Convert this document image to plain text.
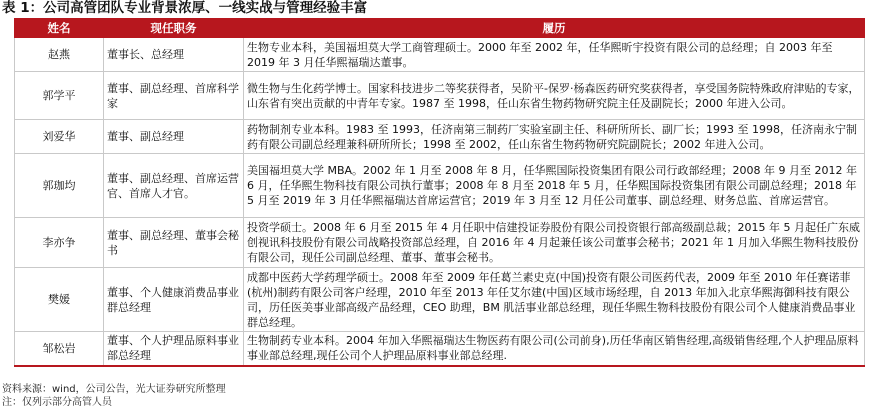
表 1：公司高管团队专业背景浓厚、一线实战与管理经验丰富
姓名	现任职务	履历
赵燕	董事长、总经理	生物专业本科，美国福坦莫大学工商管理硕士。2000 年至 2002 年，任华熙昕宇投资有限公司的总经理；自 2003 年至 2019 年 3 月任华熙福瑞达董事。
郭学平	董事、副总经理、首席科学家	微生物与生化药学博士。国家科技进步二等奖获得者，吴阶平-保罗·杨森医药研究奖获得者，享受国务院特殊政府津贴的专家，山东省有突出贡献的中青年专家。1987 至 1998，任山东省生物药物研究院主任及副院长；2000 年进入公司。
刘爱华	董事、副总经理	药物制剂专业本科。1983 至 1993，任济南第三制药厂实验室副主任、科研所所长、副厂长；1993 至 1998，任济南永宁制药有限公司副总经理兼科研所所长；1998 至 2002，任山东省生物药物研究院副院长；2002 年进入公司。
郭珈均	董事、副总经理、首席运营官、首席人才官。	美国福坦莫大学 MBA。2002 年 1 月至 2008 年 8 月，任华熙国际投资集团有限公司行政部经理；2008 年 9 月至 2012 年 6 月，任华熙生物科技有限公司执行董事；2008 年 8 月至 2018 年 5 月，任华熙国际投资集团有限公司副总经理；2018 年 5 月至 2019 年 3 月任华熙福瑞达首席运营官；2019 年 3 月至 12 月任公司董事、副总经理、财务总监、首席运营官。
李亦争	董事、副总经理、董事会秘书	投资学硕士。2008 年 6 月至 2015 年 4 月任职中信建投证券股份有限公司投资银行部高级副总裁；2015 年 5 月起任广东威创视讯科技股份有限公司战略投资部总经理，自 2016 年 4 月起兼任该公司董事会秘书；2021 年 1 月加入华熙生物科技股份有限公司，现任公司副总经理、董事、董事会秘书。
樊媛	董事、个人健康消费品事业群总经理	成都中医药大学药理学硕士。2008 年至 2009 年任葛兰素史克(中国)投资有限公司医药代表，2009 年至 2010 年任赛诺菲(杭州)制药有限公司客户经理，2010 年至 2013 年任艾尔建(中国)区域市场经理，自 2013 年加入北京华熙海御科技有限公司，历任医美事业部高级产品经理，CEO 助理，BM 肌活事业部总经理，现任华熙生物科技股份有限公司个人健康消费品事业群总经理。
邹松岩	董事、个人护理品原料事业部总经理	生物制药专业本科。2004 年加入华熙福瑞达生物医药有限公司(公司前身),历任华南区销售经理,高级销售经理,个人护理品原料事业部总经理,现任公司个人护理品原料事业部总经理.
资料来源：wind，公司公告，光大证券研究所整理
注：仅列示部分高管人员
